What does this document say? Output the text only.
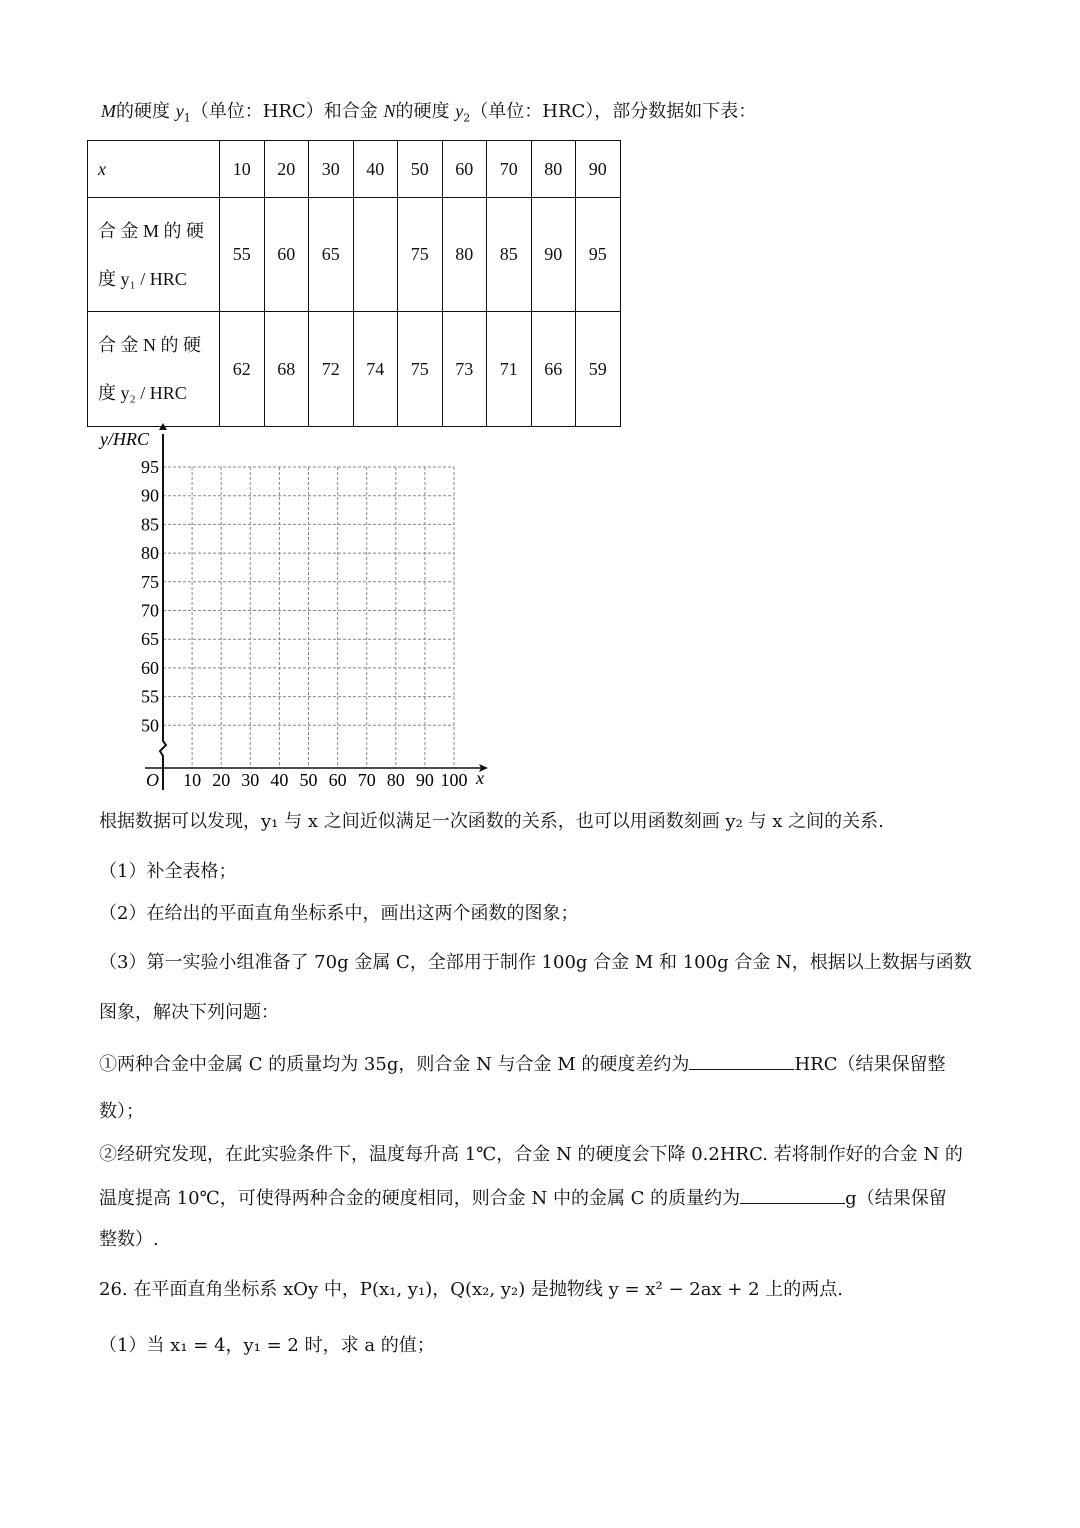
M的硬度 $y_1$（单位：HRC）和合金 N的硬度 $y_2$（单位：HRC），部分数据如下表：
x	10	20	30	40	50	60	70	80	90

合 金 M 的 硬
度 y₁ / HRC	55	60	65		75	80	85	90	95

合 金 N 的 硬
度 y₂ / HRC	62	68	72	74	75	73	71	66	59
95
90
85
80
75
70
65
60
55
50
10 20 30 40 50 60 70 80 90 100
y/HRC
x
O
根据数据可以发现，y₁ 与 x 之间近似满足一次函数的关系，也可以用函数刻画 y₂ 与 x 之间的关系.
（1）补全表格；
（2）在给出的平面直角坐标系中，画出这两个函数的图象；
（3）第一实验小组准备了 70g 金属 C，全部用于制作 100g 合金 M 和 100g 合金 N，根据以上数据与函数
图象，解决下列问题：
①两种合金中金属 C 的质量均为 35g，则合金 N 与合金 M 的硬度差约为	HRC（结果保留整
数）；
②经研究发现，在此实验条件下，温度每升高 1℃，合金 N 的硬度会下降 0.2HRC. 若将制作好的合金 N 的
温度提高 10℃，可使得两种合金的硬度相同，则合金 N 中的金属 C 的质量约为	g（结果保留
整数）.
26. 在平面直角坐标系 xOy 中，P(x₁, y₁)，Q(x₂, y₂) 是抛物线 y = x² − 2ax + 2 上的两点.
（1）当 x₁ = 4，y₁ = 2 时，求 a 的值；
